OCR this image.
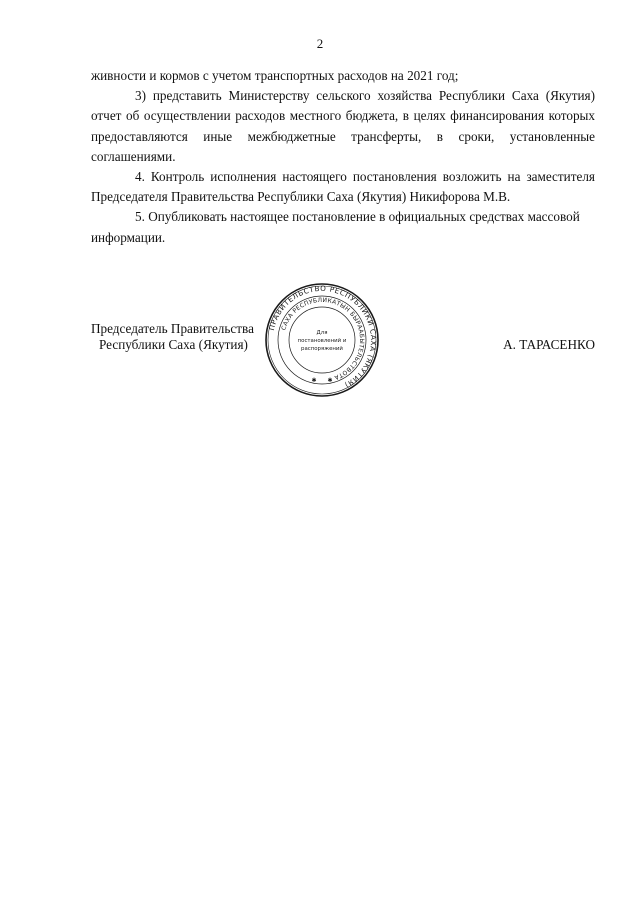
2

живности и кормов с учетом транспортных расходов на 2021 год;

3) представить Министерству сельского хозяйства Республики Саха (Якутия) отчет об осуществлении расходов местного бюджета, в целях финансирования которых предоставляются иные межбюджетные трансферты, в сроки, установленные соглашениями.

4. Контроль исполнения настоящего постановления возложить на заместителя Председателя Правительства Республики Саха (Якутия) Никифорова М.В.

5. Опубликовать настоящее постановление в официальных средствах массовой информации.

Председатель Правительства
Республики Саха (Якутия)	А. ТАРАСЕНКО
ПРАВИТЕЛЬСТВО РЕСПУБЛИКИ САХА (ЯКУТИЯ)
САХА РЕСПУБЛИКАТЫН БЫРААБЫТЕЛЬСТВОТА
Для
постановлений и
распоряжений
✱ ✱
